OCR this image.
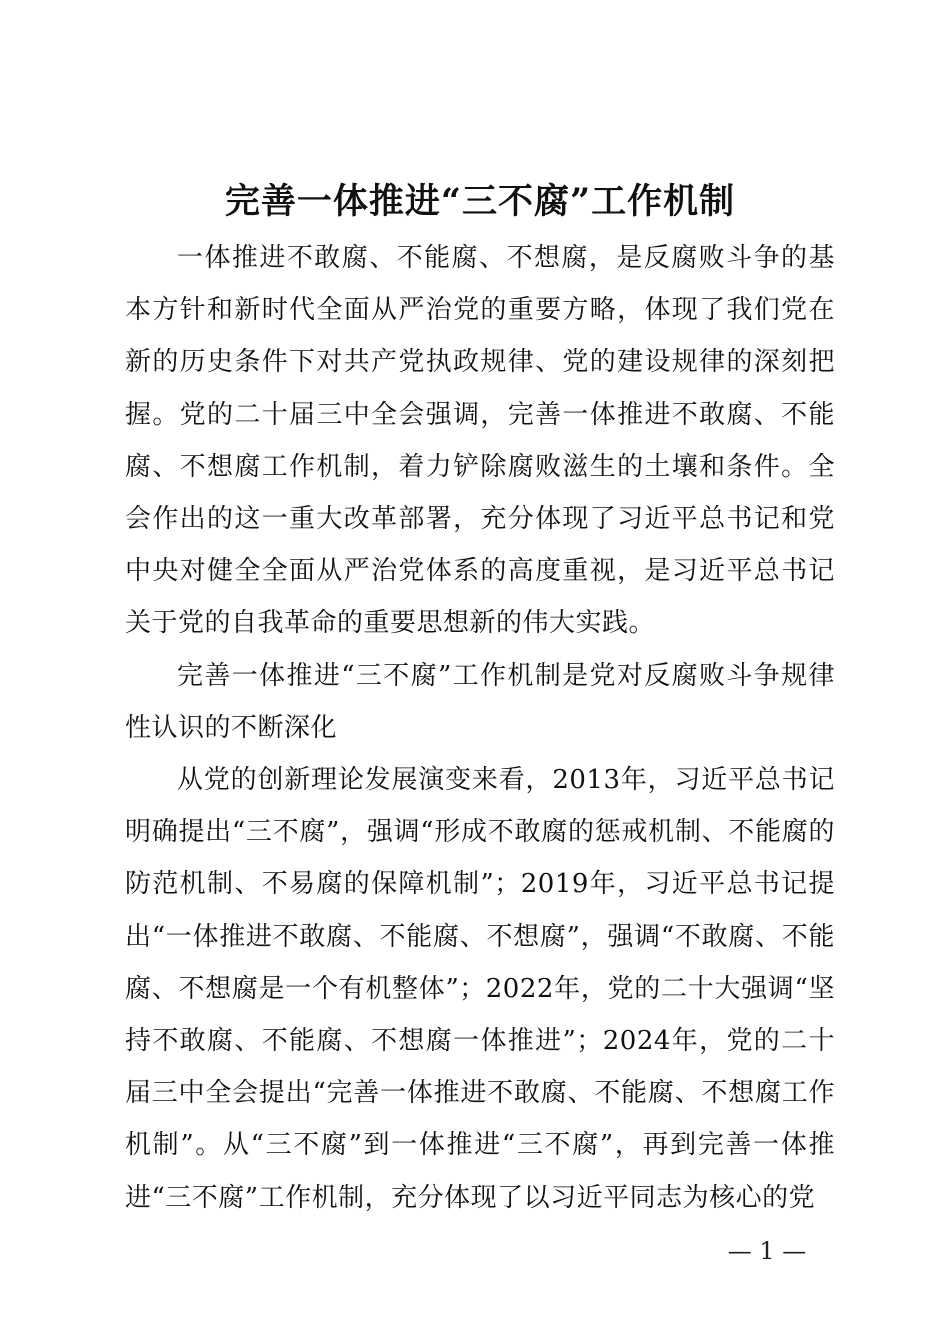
完善一体推进“三不腐”工作机制

一体推进不敢腐、不能腐、不想腐，是反腐败斗争的基本方针和新时代全面从严治党的重要方略，体现了我们党在新的历史条件下对共产党执政规律、党的建设规律的深刻把握。党的二十届三中全会强调，完善一体推进不敢腐、不能腐、不想腐工作机制，着力铲除腐败滋生的土壤和条件。全会作出的这一重大改革部署，充分体现了习近平总书记和党中央对健全全面从严治党体系的高度重视，是习近平总书记关于党的自我革命的重要思想新的伟大实践。

完善一体推进“三不腐”工作机制是党对反腐败斗争规律性认识的不断深化

从党的创新理论发展演变来看，2013年，习近平总书记明确提出“三不腐”，强调“形成不敢腐的惩戒机制、不能腐的防范机制、不易腐的保障机制”；2019年，习近平总书记提出“一体推进不敢腐、不能腐、不想腐”，强调“不敢腐、不能腐、不想腐是一个有机整体”；2022年，党的二十大强调“坚持不敢腐、不能腐、不想腐一体推进”；2024年，党的二十届三中全会提出“完善一体推进不敢腐、不能腐、不想腐工作机制”。从“三不腐”到一体推进“三不腐”，再到完善一体推进“三不腐”工作机制，充分体现了以习近平同志为核心的党

— 1 —
